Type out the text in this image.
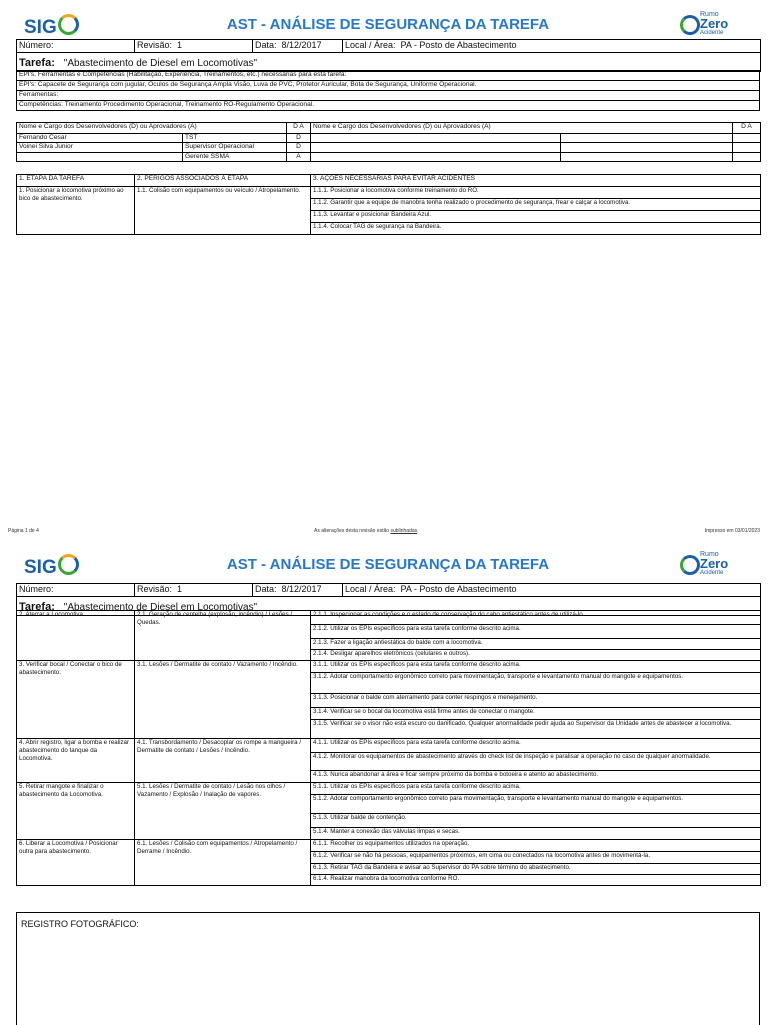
SIG	AST - ANÁLISE DE SEGURANÇA DA TAREFA
Rumo
Zero
Acidente
Número:	Revisão: 1	Data: 8/12/2017	Local / Área: PA - Posto de Abastecimento
Tarefa: "Abastecimento de Diesel em Locomotivas"
EPI's, Ferramentas e Competências (Habilitação, Experiência, Treinamentos, etc.) necessárias para esta tarefa:
EPI's: Capacete de Segurança com jugular, Óculos de Segurança Ampla Visão, Luva de PVC, Protetor Auricular, Bota de Segurança, Uniforme Operacional.
Ferramentas:
Competências: Treinamento Procedimento Operacional, Treinamento RO-Regulamento Operacional.
Nome e Cargo dos Desenvolvedores (D) ou Aprovadores (A)		D A	Nome e Cargo dos Desenvolvedores (D) ou Aprovadores (A)		D A
Fernando Cesar	TST	D			
Voinei Silva Junior	Supervisor Operacional	D			
	Gerente SSMA	A			
1. ETAPA DA TAREFA	2. PERIGOS ASSOCIADOS À ETAPA	3. AÇÕES NECESSÁRIAS PARA EVITAR ACIDENTES
1. Posicionar a locomotiva próximo ao bico de abastecimento.	1.1. Colisão com equipamentos ou veículo / Atropelamento.	1.1.1. Posicionar a locomotiva conforme treinamento do RO.
		1.1.2. Garantir que a equipe de manobra tenha realizado o procedimento de segurança, frear e calçar a locomotiva.
		1.1.3. Levantar e posicionar Bandeira Azul.
		1.1.4. Colocar TAG de segurança na Bandeira.
Página 1 de 4	As alterações desta revisão estão sublinhadas.	Impresso em 03/01/2023
SIG	AST - ANÁLISE DE SEGURANÇA DA TAREFA
Rumo
Zero
Acidente
Número:	Revisão: 1	Data: 8/12/2017	Local / Área: PA - Posto de Abastecimento
Tarefa: "Abastecimento de Diesel em Locomotivas"
2. Aterrar a Locomotiva.	2.1. Geração de centelha (explosão, incêndio) / Lesões / Quedas.	2.1.1. Inspecionar as condições e o estado de conservação do cabo antiestático antes de utilizá-lo.
		2.1.2. Utilizar os EPIs específicos para esta tarefa conforme descrito acima.
		2.1.3. Fazer a ligação antiestática do balde com a locomotiva.
		2.1.4. Desligar aparelhos eletrônicos (celulares e outros).
3. Verificar bocal / Conectar o bico de abastecimento.	3.1. Lesões / Dermatite de contato / Vazamento / Incêndio.	3.1.1. Utilizar os EPIs específicos para esta tarefa conforme descrito acima.
		3.1.2. Adotar comportamento ergonômico correto para movimentação, transporte e levantamento manual do mangote e equipamentos.
		3.1.3. Posicionar o balde com aterramento para conter respingos e menejamento.
		3.1.4. Verificar se o bocal da locomotiva está firme antes de conectar o mangote.
		3.1.5. Verificar se o visor não está escuro ou danificado. Qualquer anormalidade pedir ajuda ao Supervisor da Unidade antes de abastecer a locomotiva.
4. Abrir registro, ligar a bomba e realizar abastecimento do tanque da Locomotiva.	4.1. Transbordamento / Desacoplar os rompe a mangueira / Dermatite de contato / Lesões / Incêndio.	4.1.1. Utilizar os EPIs específicos para esta tarefa conforme descrito acima.
		4.1.2. Monitorar os equipamentos de abastecimento através do check list de inspeção e paralisar a operação no caso de qualquer anormalidade.
		4.1.3. Nunca abandonar a área e ficar sempre próximo da bomba e botoeira e atento ao abastecimento.
5. Retirar mangote e finalizar o abastecimento da Locomotiva.	5.1. Lesões / Dermatite de contato / Lesão nos olhos / Vazamento / Explosão / Inalação de vapores.	5.1.1. Utilizar os EPIs específicos para esta tarefa conforme descrito acima.
		5.1.2. Adotar comportamento ergonômico correto para movimentação, transporte e levantamento manual do mangote e equipamentos.
		5.1.3. Utilizar balde de contenção.
		5.1.4. Manter a conexão das válvulas limpas e secas.
6. Liberar a Locomotiva / Posicionar outra para abastecimento.	6.1. Lesões / Colisão com equipamentos / Atropelamento / Derrame / Incêndio.	6.1.1. Recolher os equipamentos utilizados na operação.
		6.1.2. Verificar se não há pessoas, equipamentos próximos, em cima ou conectados na locomotiva antes de movimentá-la.
		6.1.3. Retirar TAG da Bandeira e avisar ao Supervisor do PA sobre término do abastecimento.
		6.1.4. Realizar manobra da locomotiva conforme RO.
REGISTRO FOTOGRÁFICO:
